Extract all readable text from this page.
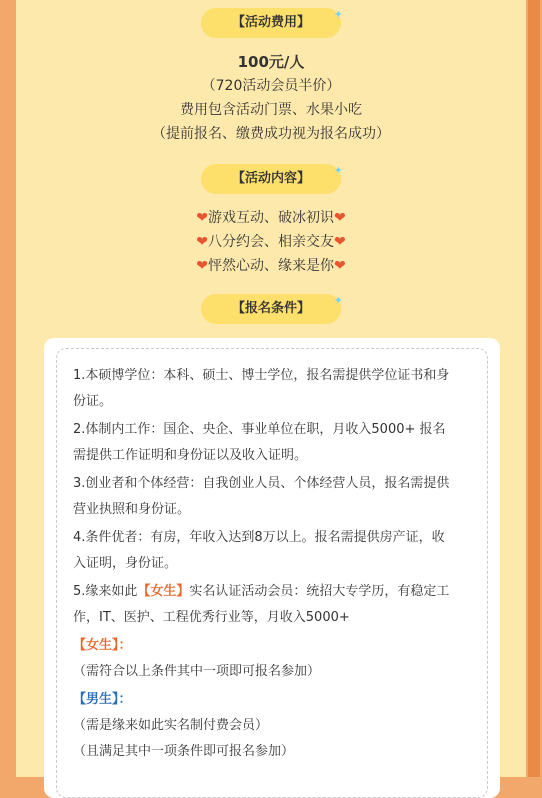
【活动费用】
✦
100元/人
（720活动会员半价）
费用包含活动门票、水果小吃
（提前报名、缴费成功视为报名成功）
【活动内容】
✦
❤游戏互动、破冰初识❤
❤八分约会、相亲交友❤
❤怦然心动、缘来是你❤
【报名条件】
✦
1.本硕博学位：本科、硕士、博士学位，报名需提供学位证书和身
份证。
2.体制内工作：国企、央企、事业单位在职，月收入5000+ 报名
需提供工作证明和身份证以及收入证明。
3.创业者和个体经营：自我创业人员、个体经营人员，报名需提供
营业执照和身份证。
4.条件优者：有房，年收入达到8万以上。报名需提供房产证，收
入证明，身份证。
5.缘来如此【女生】实名认证活动会员：统招大专学历，有稳定工
作，IT、医护、工程优秀行业等，月收入5000+
【女生】：
（需符合以上条件其中一项即可报名参加）
【男生】：
（需是缘来如此实名制付费会员）
（且满足其中一项条件即可报名参加）
